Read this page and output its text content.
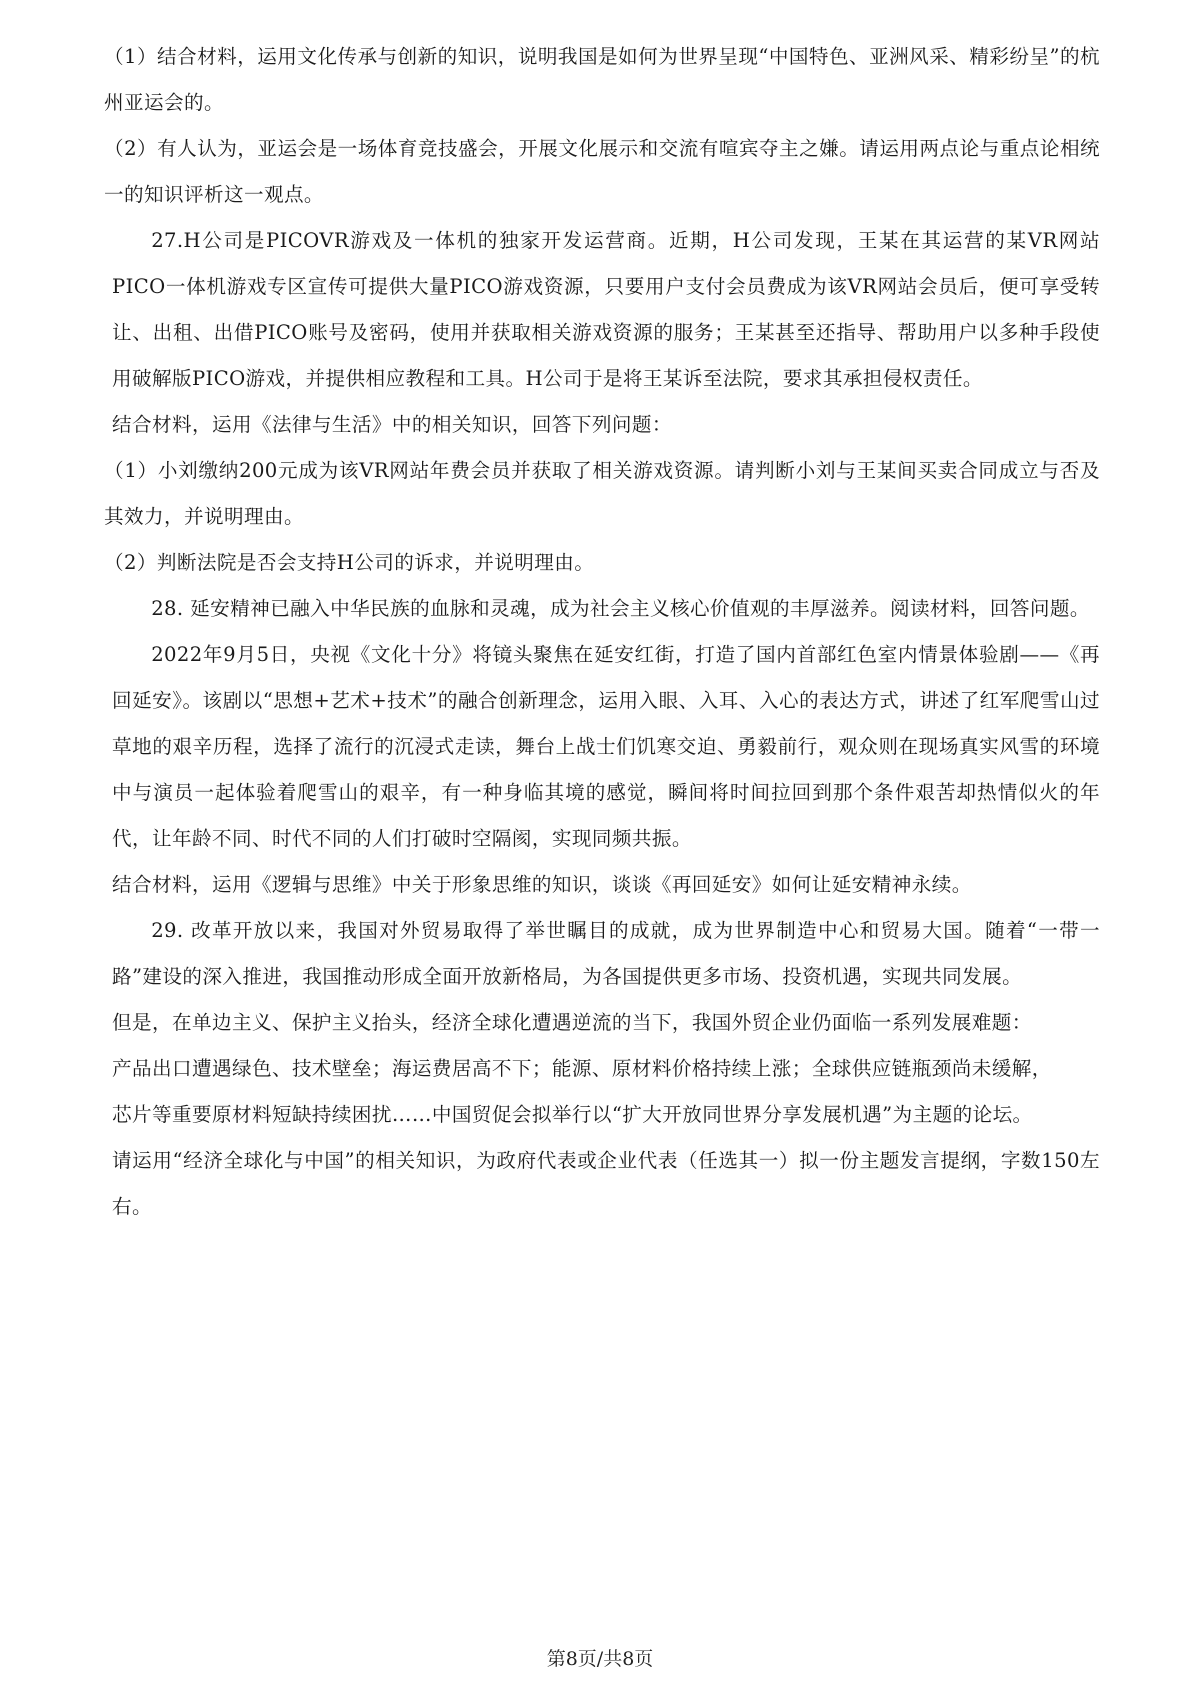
（1）结合材料，运用文化传承与创新的知识，说明我国是如何为世界呈现“中国特色、亚洲风采、精彩纷呈”的杭州亚运会的。

（2）有人认为，亚运会是一场体育竞技盛会，开展文化展示和交流有喧宾夺主之嫌。请运用两点论与重点论相统一的知识评析这一观点。

27.H公司是PICOVR游戏及一体机的独家开发运营商。近期，H公司发现，王某在其运营的某VR网站PICO一体机游戏专区宣传可提供大量PICO游戏资源，只要用户支付会员费成为该VR网站会员后，便可享受转让、出租、出借PICO账号及密码，使用并获取相关游戏资源的服务；王某甚至还指导、帮助用户以多种手段使用破解版PICO游戏，并提供相应教程和工具。H公司于是将王某诉至法院，要求其承担侵权责任。

结合材料，运用《法律与生活》中的相关知识，回答下列问题：

（1）小刘缴纳200元成为该VR网站年费会员并获取了相关游戏资源。请判断小刘与王某间买卖合同成立与否及其效力，并说明理由。

（2）判断法院是否会支持H公司的诉求，并说明理由。

28. 延安精神已融入中华民族的血脉和灵魂，成为社会主义核心价值观的丰厚滋养。阅读材料，回答问题。

2022年9月5日，央视《文化十分》将镜头聚焦在延安红街，打造了国内首部红色室内情景体验剧——《再回延安》。该剧以“思想+艺术+技术”的融合创新理念，运用入眼、入耳、入心的表达方式，讲述了红军爬雪山过草地的艰辛历程，选择了流行的沉浸式走读，舞台上战士们饥寒交迫、勇毅前行，观众则在现场真实风雪的环境中与演员一起体验着爬雪山的艰辛，有一种身临其境的感觉，瞬间将时间拉回到那个条件艰苦却热情似火的年代，让年龄不同、时代不同的人们打破时空隔阂，实现同频共振。

结合材料，运用《逻辑与思维》中关于形象思维的知识，谈谈《再回延安》如何让延安精神永续。

29. 改革开放以来，我国对外贸易取得了举世瞩目的成就，成为世界制造中心和贸易大国。随着“一带一路”建设的深入推进，我国推动形成全面开放新格局，为各国提供更多市场、投资机遇，实现共同发展。

但是，在单边主义、保护主义抬头，经济全球化遭遇逆流的当下，我国外贸企业仍面临一系列发展难题：

产品出口遭遇绿色、技术壁垒；海运费居高不下；能源、原材料价格持续上涨；全球供应链瓶颈尚未缓解，

芯片等重要原材料短缺持续困扰……中国贸促会拟举行以“扩大开放同世界分享发展机遇”为主题的论坛。

请运用“经济全球化与中国”的相关知识，为政府代表或企业代表（任选其一）拟一份主题发言提纲，字数150左右。

第8页/共8页
